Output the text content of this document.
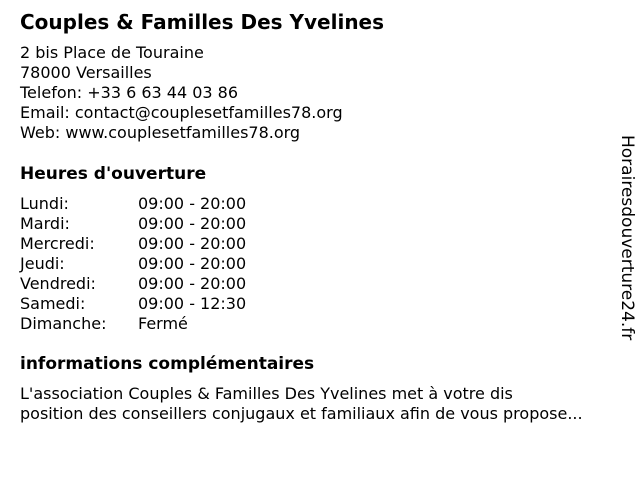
Couples & Familles Des Yvelines
2 bis Place de Touraine
78000 Versailles
Telefon: +33 6 63 44 03 86
Email: contact@couplesetfamilles78.org
Web: www.couplesetfamilles78.org
Heures d'ouverture
Lundi:	09:00 - 20:00
Mardi:	09:00 - 20:00
Mercredi:	09:00 - 20:00
Jeudi:	09:00 - 20:00
Vendredi:	09:00 - 20:00
Samedi:	09:00 - 12:30
Dimanche:	Fermé
informations complémentaires
L'association Couples & Familles Des Yvelines met à votre dis
position des conseillers conjugaux et familiaux afin de vous propose...
Horairesdouverture24.fr
